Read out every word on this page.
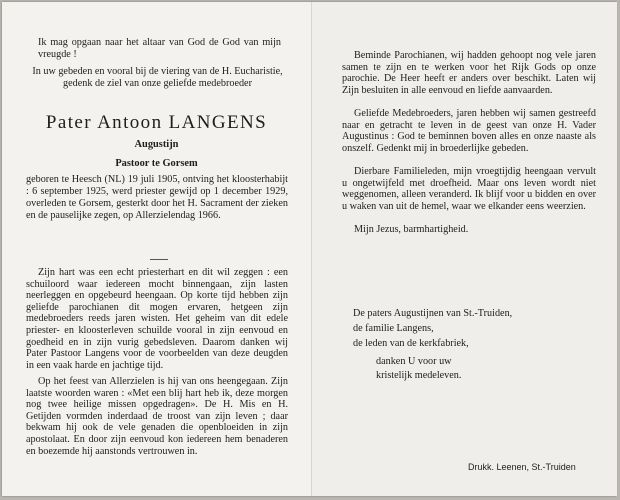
Ik mag opgaan naar het altaar van God de God van mijn vreugde !

In uw gebeden en vooral bij de viering van de H. Eucharistie, gedenk de ziel van onze geliefde medebroeder

Pater Antoon LANGENS
Augustijn
Pastoor te Gorsem

geboren te Heesch (NL) 19 juli 1905, ontving het kloosterhabijt : 6 september 1925, werd priester gewijd op 1 december 1929, overleden te Gorsem, gesterkt door het H. Sacrament der zieken en de pauselijke zegen, op Allerzielendag 1966.

Zijn hart was een echt priesterhart en dit wil zeggen : een schuiloord waar iedereen mocht binnengaan, zijn lasten neerleggen en opgebeurd heengaan. Op korte tijd hebben zijn geliefde parochianen dit mogen ervaren, hetgeen zijn medebroeders reeds jaren wisten. Het geheim van dit edele priester- en kloosterleven schuilde vooral in zijn eenvoud en goedheid en in zijn vurig gebedsleven. Daarom danken wij Pater Pastoor Langens voor de voorbeelden van deze deugden in een vaak harde en jachtige tijd.

Op het feest van Allerzielen is hij van ons heengegaan. Zijn laatste woorden waren : «Met een blij hart heb ik, deze morgen nog twee heilige missen opgedragen». De H. Mis en H. Getijden vormden inderdaad de troost van zijn leven ; daar bekwam hij ook de vele genaden die openbloeiden in zijn apostolaat. En door zijn eenvoud kon iedereen hem benaderen en boezemde hij aanstonds vertrouwen in.

Beminde Parochianen, wij hadden gehoopt nog vele jaren samen te zijn en te werken voor het Rijk Gods op onze parochie. De Heer heeft er anders over beschikt. Laten wij Zijn besluiten in alle eenvoud en liefde aanvaarden.

Geliefde Medebroeders, jaren hebben wij samen gestreefd naar en getracht te leven in de geest van onze H. Vader Augustinus : God te beminnen boven alles en onze naaste als onszelf. Gedenkt mij in broederlijke gebeden.

Dierbare Familieleden, mijn vroegtijdig heengaan vervult u ongetwijfeld met droefheid. Maar ons leven wordt niet weggenomen, alleen veranderd. Ik blijf voor u bidden en over u waken van uit de hemel, waar we elkander eens weerzien.

Mijn Jezus, barmhartigheid.

De paters Augustijnen van St.-Truiden,

de familie Langens,

de leden van de kerkfabriek,

danken U voor uw

kristelijk medeleven.

Drukk. Leenen, St.-Truiden
